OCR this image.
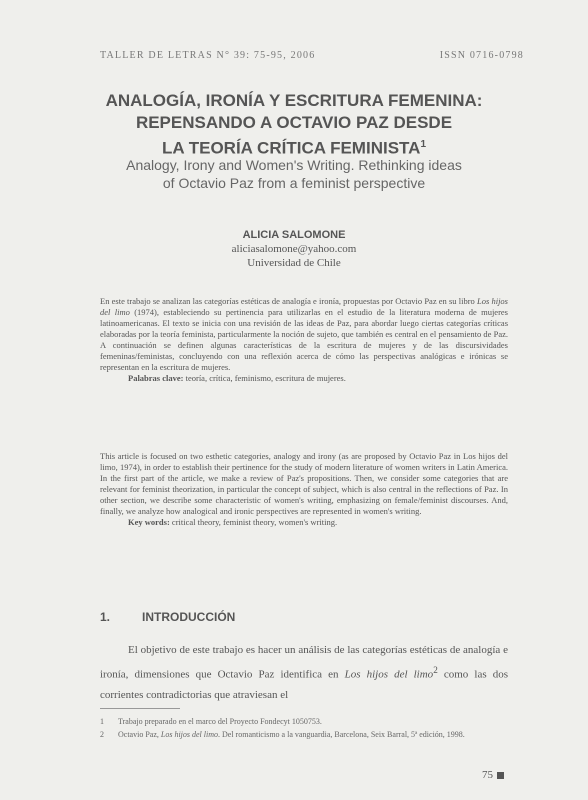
TALLER DE LETRAS N° 39: 75-95, 2006	ISSN 0716-0798
ANALOGÍA, IRONÍA Y ESCRITURA FEMENINA:
REPENSANDO A OCTAVIO PAZ DESDE
LA TEORÍA CRÍTICA FEMINISTA$^1$
Analogy, Irony and Women's Writing. Rethinking ideas
of Octavio Paz from a feminist perspective
ALICIA SALOMONE
aliciasalomone@yahoo.com
Universidad de Chile
En este trabajo se analizan las categorías estéticas de analogía e ironía, propuestas por Octavio Paz en su libro Los hijos del limo (1974), estableciendo su pertinencia para utilizarlas en el estudio de la literatura moderna de mujeres latinoamericanas. El texto se inicia con una revisión de las ideas de Paz, para abordar luego ciertas categorías críticas elaboradas por la teoría feminista, particularmente la noción de sujeto, que también es central en el pensamiento de Paz. A continuación se definen algunas características de la escritura de mujeres y de las discursividades femeninas/feministas, concluyendo con una reflexión acerca de cómo las perspectivas analógicas e irónicas se representan en la escritura de mujeres.
Palabras clave: teoría, crítica, feminismo, escritura de mujeres.
This article is focused on two esthetic categories, analogy and irony (as are proposed by Octavio Paz in Los hijos del limo, 1974), in order to establish their pertinence for the study of modern literature of women writers in Latin America. In the first part of the article, we make a review of Paz's propositions. Then, we consider some categories that are relevant for feminist theorization, in particular the concept of subject, which is also central in the reflections of Paz. In other section, we describe some characteristic of women's writing, emphasizing on female/feminist discourses. And, finally, we analyze how analogical and ironic perspectives are represented in women's writing.
Key words: critical theory, feminist theory, women's writing.
1.	INTRODUCCIÓN
El objetivo de este trabajo es hacer un análisis de las categorías estéticas de analogía e ironía, dimensiones que Octavio Paz identifica en Los hijos del limo$^2$ como las dos corrientes contradictorias que atraviesan el
1 Trabajo preparado en el marco del Proyecto Fondecyt 1050753.
2 Octavio Paz, Los hijos del limo. Del romanticismo a la vanguardia, Barcelona, Seix Barral, 5ª edición, 1998.
75
